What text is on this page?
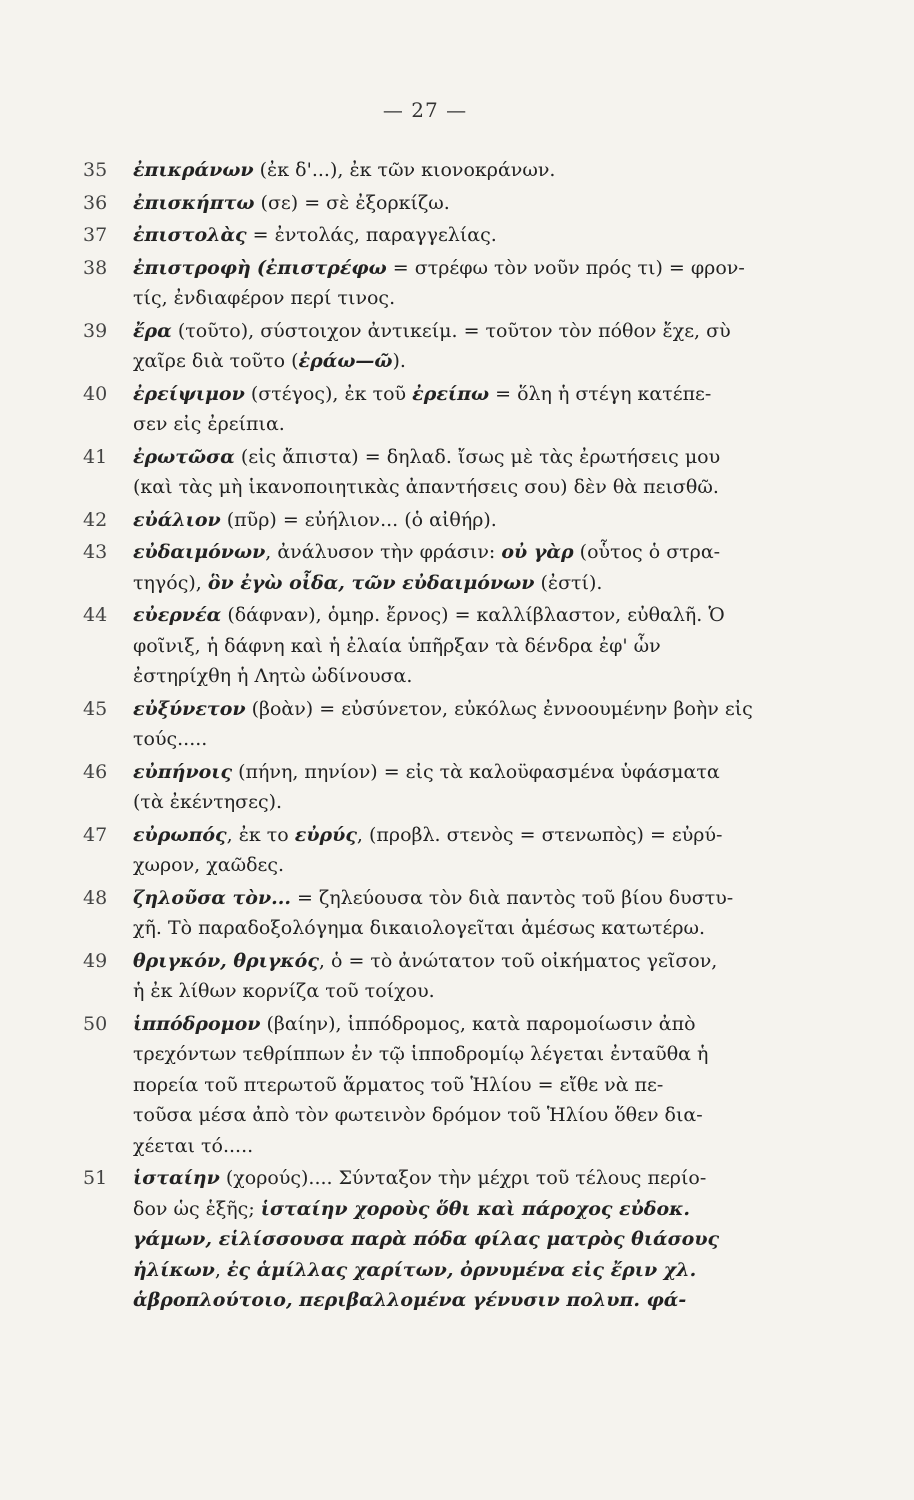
— 27 —
35	ἐπικράνων (ἐκ δ'...), ἐκ τῶν κιονοκράνων.
36	ἐπισκήπτω (σε) = σὲ ἐξορκίζω.
37	ἐπιστολὰς = ἐντολάς, παραγγελίας.
38	ἐπιστροφὴ (ἐπιστρέφω = στρέφω τὸν νοῦν πρός τι) = φρον-
τίς, ἐνδιαφέρον περί τινος.
39	ἔρα (τοῦτο), σύστοιχον ἀντικείμ. = τοῦτον τὸν πόθον ἔχε, σὺ
χαῖρε διὰ τοῦτο (ἐράω—ῶ).
40	ἐρείψιμον (στέγος), ἐκ τοῦ ἐρείπω = ὅλη ἡ στέγη κατέπε-
σεν εἰς ἐρείπια.
41	ἐρωτῶσα (εἰς ἄπιστα) = δηλαδ. ἴσως μὲ τὰς ἐρωτήσεις μου
(καὶ τὰς μὴ ἱκανοποιητικὰς ἀπαντήσεις σου) δὲν θὰ πεισθῶ.
42	εὐάλιον (πῦρ) = εὐήλιον... (ὁ αἰθήρ).
43	εὐδαιμόνων, ἀνάλυσον τὴν φράσιν: οὐ γὰρ (οὗτος ὁ στρα-
τηγός), ὃν ἐγὼ οἶδα, τῶν εὐδαιμόνων (ἐστί).
44	εὐερνέα (δάφναν), ὁμηρ. ἔρνος) = καλλίβλαστον, εὐθαλῆ. Ὁ
φοῖνιξ, ἡ δάφνη καὶ ἡ ἐλαία ὑπῆρξαν τὰ δένδρα ἐφ' ὧν
ἐστηρίχθη ἡ Λητὼ ὠδίνουσα.
45	εὐξύνετον (βοὰν) = εὐσύνετον, εὐκόλως ἐννοουμένην βοὴν εἰς
τούς.....
46	εὐπήνοις (πήνη, πηνίον) = εἰς τὰ καλοϋφασμένα ὑφάσματα
(τὰ ἐκέντησες).
47	εὐρωπός, ἐκ το εὐρύς, (προβλ. στενὸς = στενωπὸς) = εὐρύ-
χωρον, χαῶδες.
48	ζηλοῦσα τὸν... = ζηλεύουσα τὸν διὰ παντὸς τοῦ βίου δυστυ-
χῆ. Τὸ παραδοξολόγημα δικαιολογεῖται ἀμέσως κατωτέρω.
49	θριγκόν, θριγκός, ὁ = τὸ ἀνώτατον τοῦ οἰκήματος γεῖσον,
ἡ ἐκ λίθων κορνίζα τοῦ τοίχου.
50	ἱππόδρομον (βαίην), ἱππόδρομος, κατὰ παρομοίωσιν ἀπὸ
τρεχόντων τεθρίππων ἐν τῷ ἱπποδρομίῳ λέγεται ἐνταῦθα ἡ
πορεία τοῦ πτερωτοῦ ἅρματος τοῦ Ἡλίου = εἴθε νὰ πε-
τοῦσα μέσα ἀπὸ τὸν φωτεινὸν δρόμον τοῦ Ἡλίου ὅθεν δια-
χέεται τό.....
51	ἱσταίην (χορούς).... Σύνταξον τὴν μέχρι τοῦ τέλους περίο-
δον ὡς ἑξῆς; ἱσταίην χοροὺς ὅθι καὶ πάροχος εὐδοκ.
γάμων, εἱλίσσουσα παρὰ πόδα φίλας ματρὸς θιάσους
ἡλίκων, ἐς ἁμίλλας χαρίτων, ὀρνυμένα εἰς ἔριν χλ.
ἁβροπλούτοιο, περιβαλλομένα γένυσιν πολυπ. φά-
